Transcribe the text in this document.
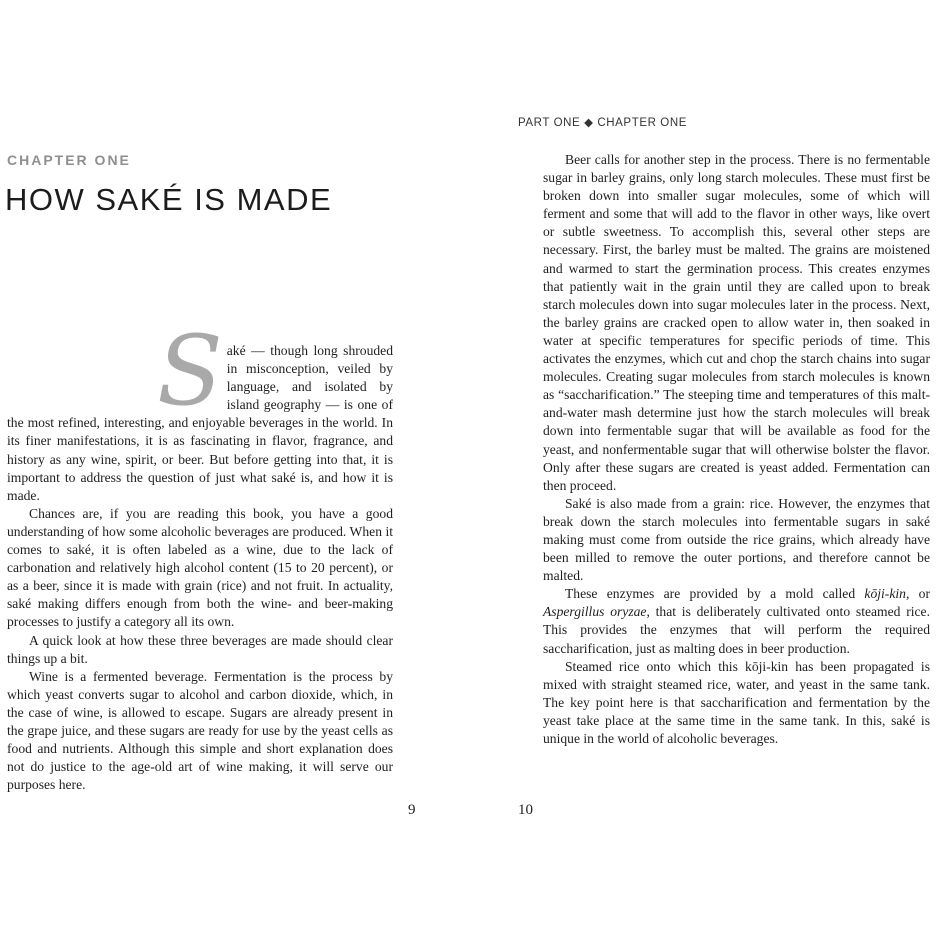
CHAPTER ONE
HOW SAKÉ IS MADE

Saké — though long shrouded in misconception, veiled by language, and isolated by island geography — is one of the most refined, interesting, and enjoyable beverages in the world. In its finer manifestations, it is as fascinating in flavor, fragrance, and history as any wine, spirit, or beer. But before getting into that, it is important to address the question of just what saké is, and how it is made.

Chances are, if you are reading this book, you have a good understanding of how some alcoholic beverages are produced. When it comes to saké, it is often labeled as a wine, due to the lack of carbonation and relatively high alcohol content (15 to 20 percent), or as a beer, since it is made with grain (rice) and not fruit. In actuality, saké making differs enough from both the wine- and beer-making processes to justify a category all its own.

A quick look at how these three beverages are made should clear things up a bit.

Wine is a fermented beverage. Fermentation is the process by which yeast converts sugar to alcohol and carbon dioxide, which, in the case of wine, is allowed to escape. Sugars are already present in the grape juice, and these sugars are ready for use by the yeast cells as food and nutrients. Although this simple and short explanation does not do justice to the age-old art of wine making, it will serve our purposes here.

9
PART ONE ◆ CHAPTER ONE

Beer calls for another step in the process. There is no fermentable sugar in barley grains, only long starch molecules. These must first be broken down into smaller sugar molecules, some of which will ferment and some that will add to the flavor in other ways, like overt or subtle sweetness. To accomplish this, several other steps are necessary. First, the barley must be malted. The grains are moistened and warmed to start the germination process. This creates enzymes that patiently wait in the grain until they are called upon to break starch molecules down into sugar molecules later in the process. Next, the barley grains are cracked open to allow water in, then soaked in water at specific temperatures for specific periods of time. This activates the enzymes, which cut and chop the starch chains into sugar molecules. Creating sugar molecules from starch molecules is known as “saccharification.” The steeping time and temperatures of this malt-and-water mash determine just how the starch molecules will break down into fermentable sugar that will be available as food for the yeast, and nonfermentable sugar that will otherwise bolster the flavor. Only after these sugars are created is yeast added. Fermentation can then proceed.

Saké is also made from a grain: rice. However, the enzymes that break down the starch molecules into fermentable sugars in saké making must come from outside the rice grains, which already have been milled to remove the outer portions, and therefore cannot be malted.

These enzymes are provided by a mold called kōji-kin, or Aspergillus oryzae, that is deliberately cultivated onto steamed rice. This provides the enzymes that will perform the required saccharification, just as malting does in beer production.

Steamed rice onto which this kōji-kin has been propagated is mixed with straight steamed rice, water, and yeast in the same tank. The key point here is that saccharification and fermentation by the yeast take place at the same time in the same tank. In this, saké is unique in the world of alcoholic beverages.

10
